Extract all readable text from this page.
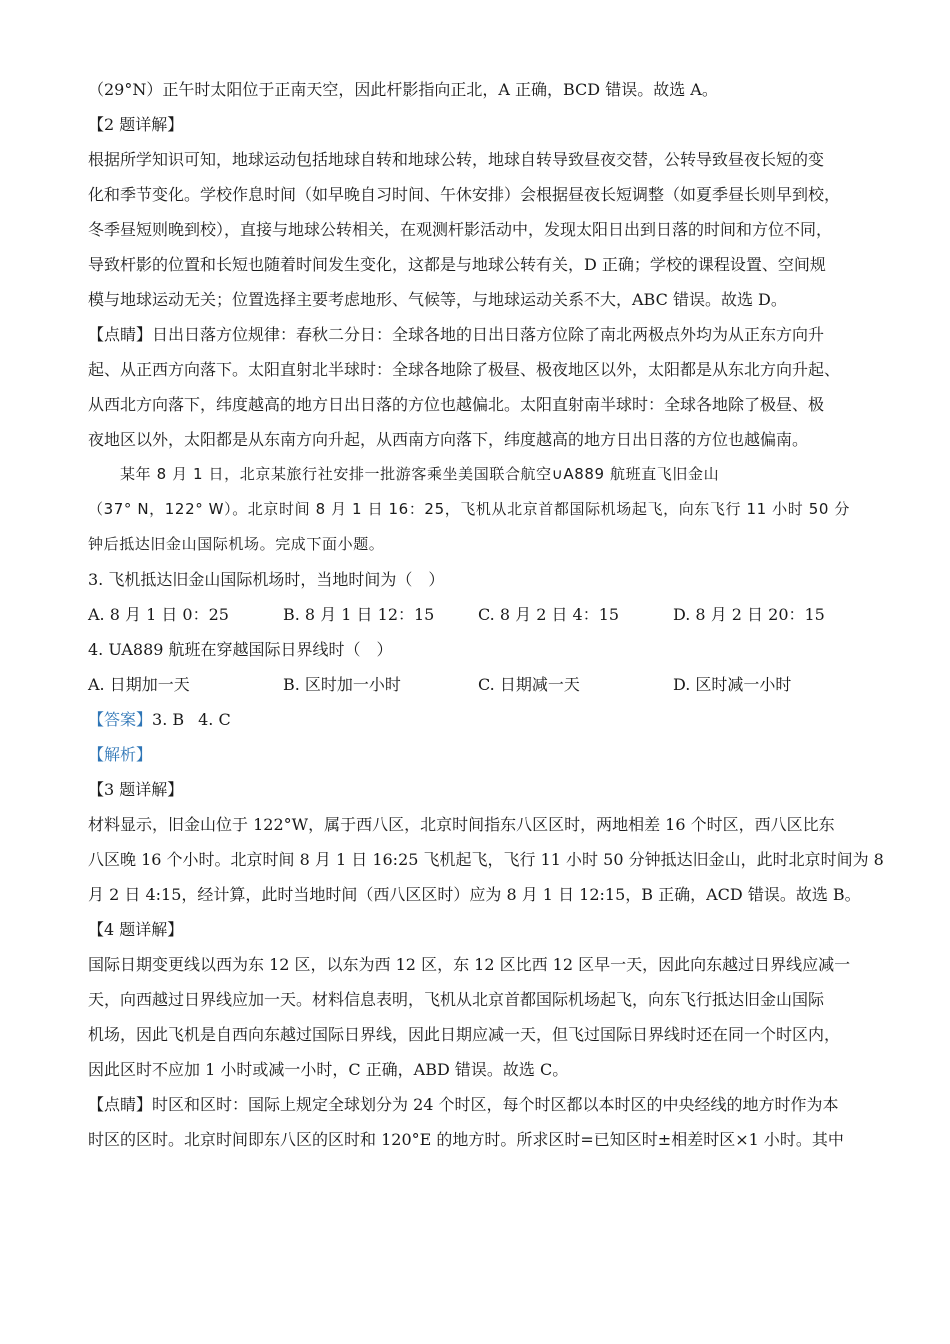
（29°N）正午时太阳位于正南天空，因此杆影指向正北，A 正确，BCD 错误。故选 A。
【2 题详解】
根据所学知识可知，地球运动包括地球自转和地球公转，地球自转导致昼夜交替，公转导致昼夜长短的变
化和季节变化。学校作息时间（如早晚自习时间、午休安排）会根据昼夜长短调整（如夏季昼长则早到校，
冬季昼短则晚到校），直接与地球公转相关，在观测杆影活动中，发现太阳日出到日落的时间和方位不同，
导致杆影的位置和长短也随着时间发生变化，这都是与地球公转有关，D 正确；学校的课程设置、空间规
模与地球运动无关；位置选择主要考虑地形、气候等，与地球运动关系不大，ABC 错误。故选 D。
【点睛】日出日落方位规律：春秋二分日：全球各地的日出日落方位除了南北两极点外均为从正东方向升
起、从正西方向落下。太阳直射北半球时：全球各地除了极昼、极夜地区以外，太阳都是从东北方向升起、
从西北方向落下，纬度越高的地方日出日落的方位也越偏北。太阳直射南半球时：全球各地除了极昼、极
夜地区以外，太阳都是从东南方向升起，从西南方向落下，纬度越高的地方日出日落的方位也越偏南。
某年 8 月 1 日，北京某旅行社安排一批游客乘坐美国联合航空∪A889 航班直飞旧金山
（37° N，122° W）。北京时间 8 月 1 日 16：25，飞机从北京首都国际机场起飞，向东飞行 11 小时 50 分
钟后抵达旧金山国际机场。完成下面小题。
3. 飞机抵达旧金山国际机场时，当地时间为（　）
A. 8 月 1 日 0：25	B. 8 月 1 日 12：15	C. 8 月 2 日 4：15	D. 8 月 2 日 20：15
4. UA889 航班在穿越国际日界线时（　）
A. 日期加一天	B. 区时加一小时	C. 日期减一天	D. 区时减一小时
【答案】3. B 4. C
【解析】
【3 题详解】
材料显示，旧金山位于 122°W，属于西八区，北京时间指东八区区时，两地相差 16 个时区，西八区比东
八区晚 16 个小时。北京时间 8 月 1 日 16:25 飞机起飞，飞行 11 小时 50 分钟抵达旧金山，此时北京时间为 8
月 2 日 4:15，经计算，此时当地时间（西八区区时）应为 8 月 1 日 12:15，B 正确，ACD 错误。故选 B。
【4 题详解】
国际日期变更线以西为东 12 区，以东为西 12 区，东 12 区比西 12 区早一天，因此向东越过日界线应减一
天，向西越过日界线应加一天。材料信息表明，飞机从北京首都国际机场起飞，向东飞行抵达旧金山国际
机场，因此飞机是自西向东越过国际日界线，因此日期应减一天，但飞过国际日界线时还在同一个时区内，
因此区时不应加 1 小时或减一小时，C 正确，ABD 错误。故选 C。
【点睛】时区和区时：国际上规定全球划分为 24 个时区，每个时区都以本时区的中央经线的地方时作为本
时区的区时。北京时间即东八区的区时和 120°E 的地方时。所求区时=已知区时±相差时区×1 小时。其中
